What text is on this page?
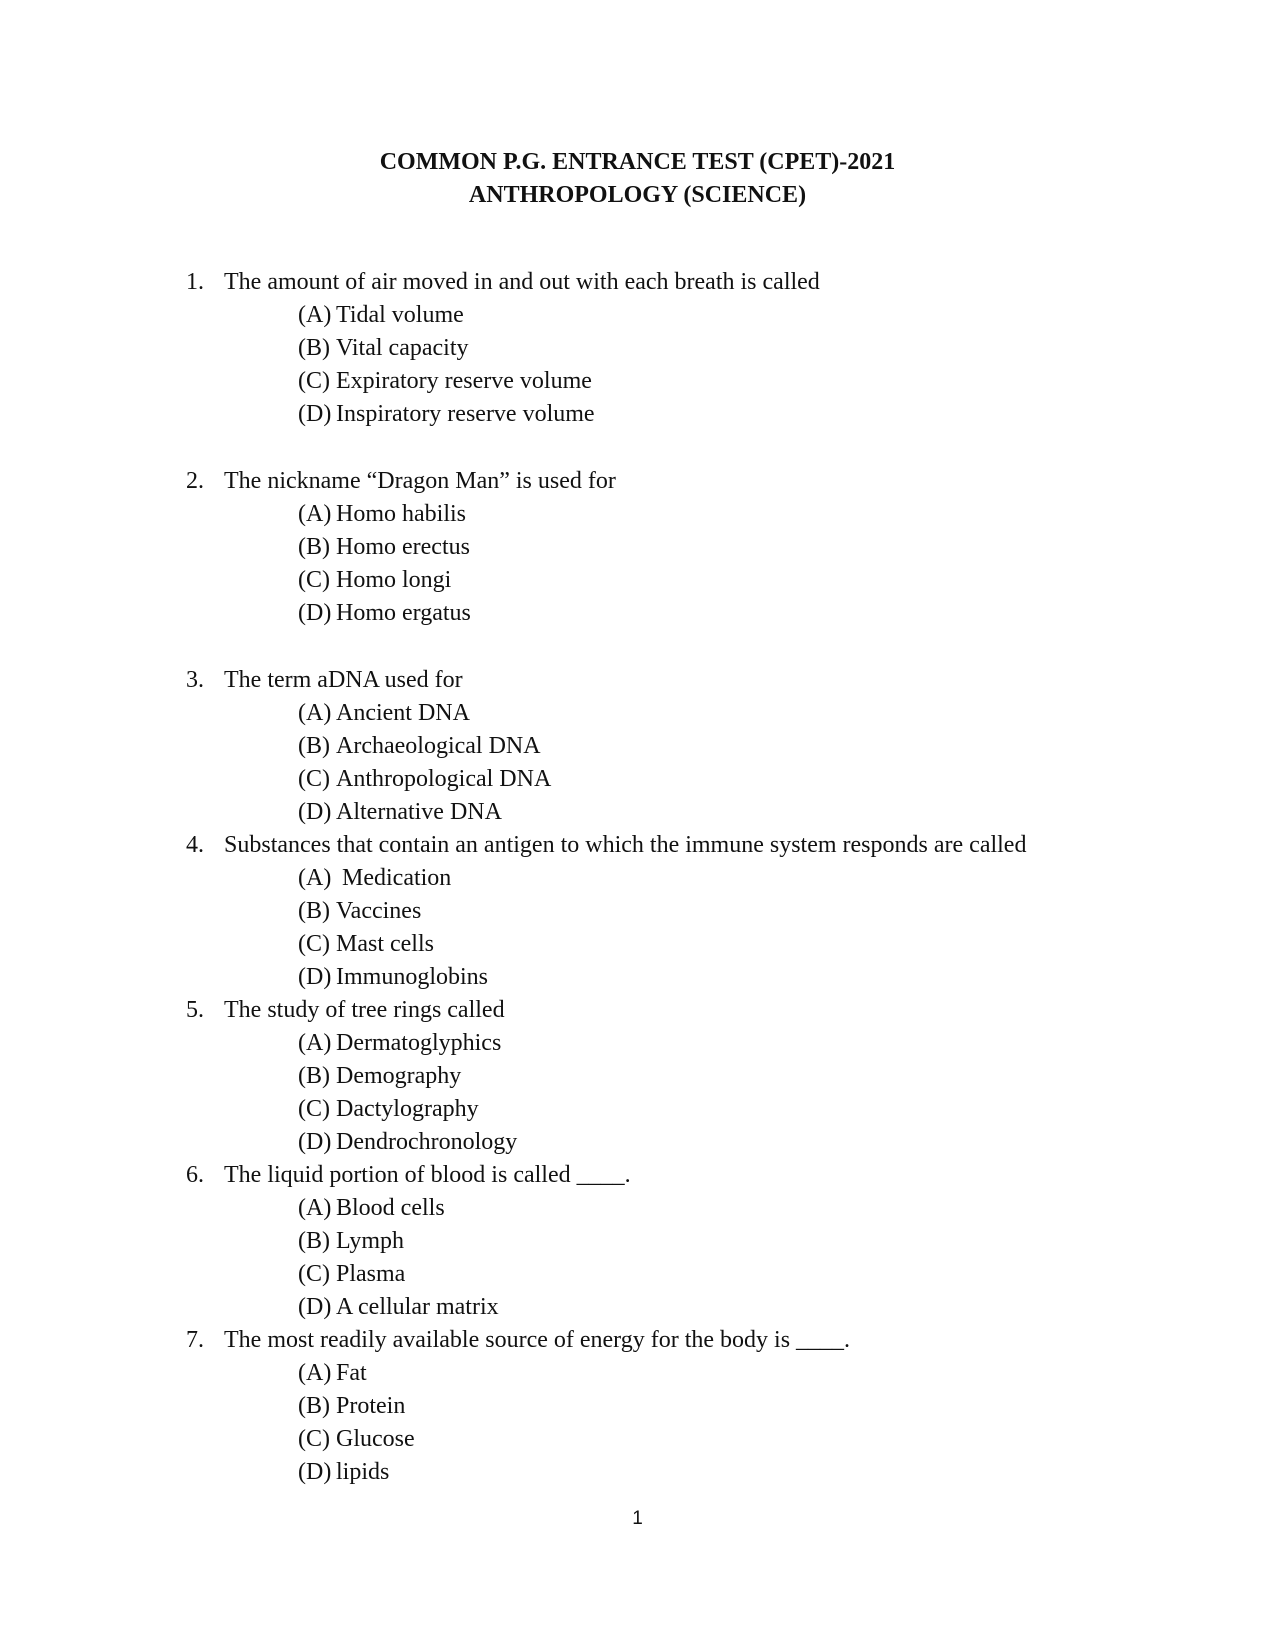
COMMON P.G. ENTRANCE TEST (CPET)-2021
ANTHROPOLOGY (SCIENCE)
1. The amount of air moved in and out with each breath is called
(A) Tidal volume
(B) Vital capacity
(C) Expiratory reserve volume
(D) Inspiratory reserve volume
2. The nickname “Dragon Man” is used for
(A) Homo habilis
(B) Homo erectus
(C) Homo longi
(D) Homo ergatus
3. The term aDNA used for
(A) Ancient DNA
(B) Archaeological DNA
(C) Anthropological DNA
(D) Alternative DNA
4. Substances that contain an antigen to which the immune system responds are called
(A) Medication
(B) Vaccines
(C) Mast cells
(D) Immunoglobins
5. The study of tree rings called
(A) Dermatoglyphics
(B) Demography
(C) Dactylography
(D) Dendrochronology
6. The liquid portion of blood is called ____.
(A) Blood cells
(B) Lymph
(C) Plasma
(D) A cellular matrix
7. The most readily available source of energy for the body is ____.
(A) Fat
(B) Protein
(C) Glucose
(D) lipids
1
